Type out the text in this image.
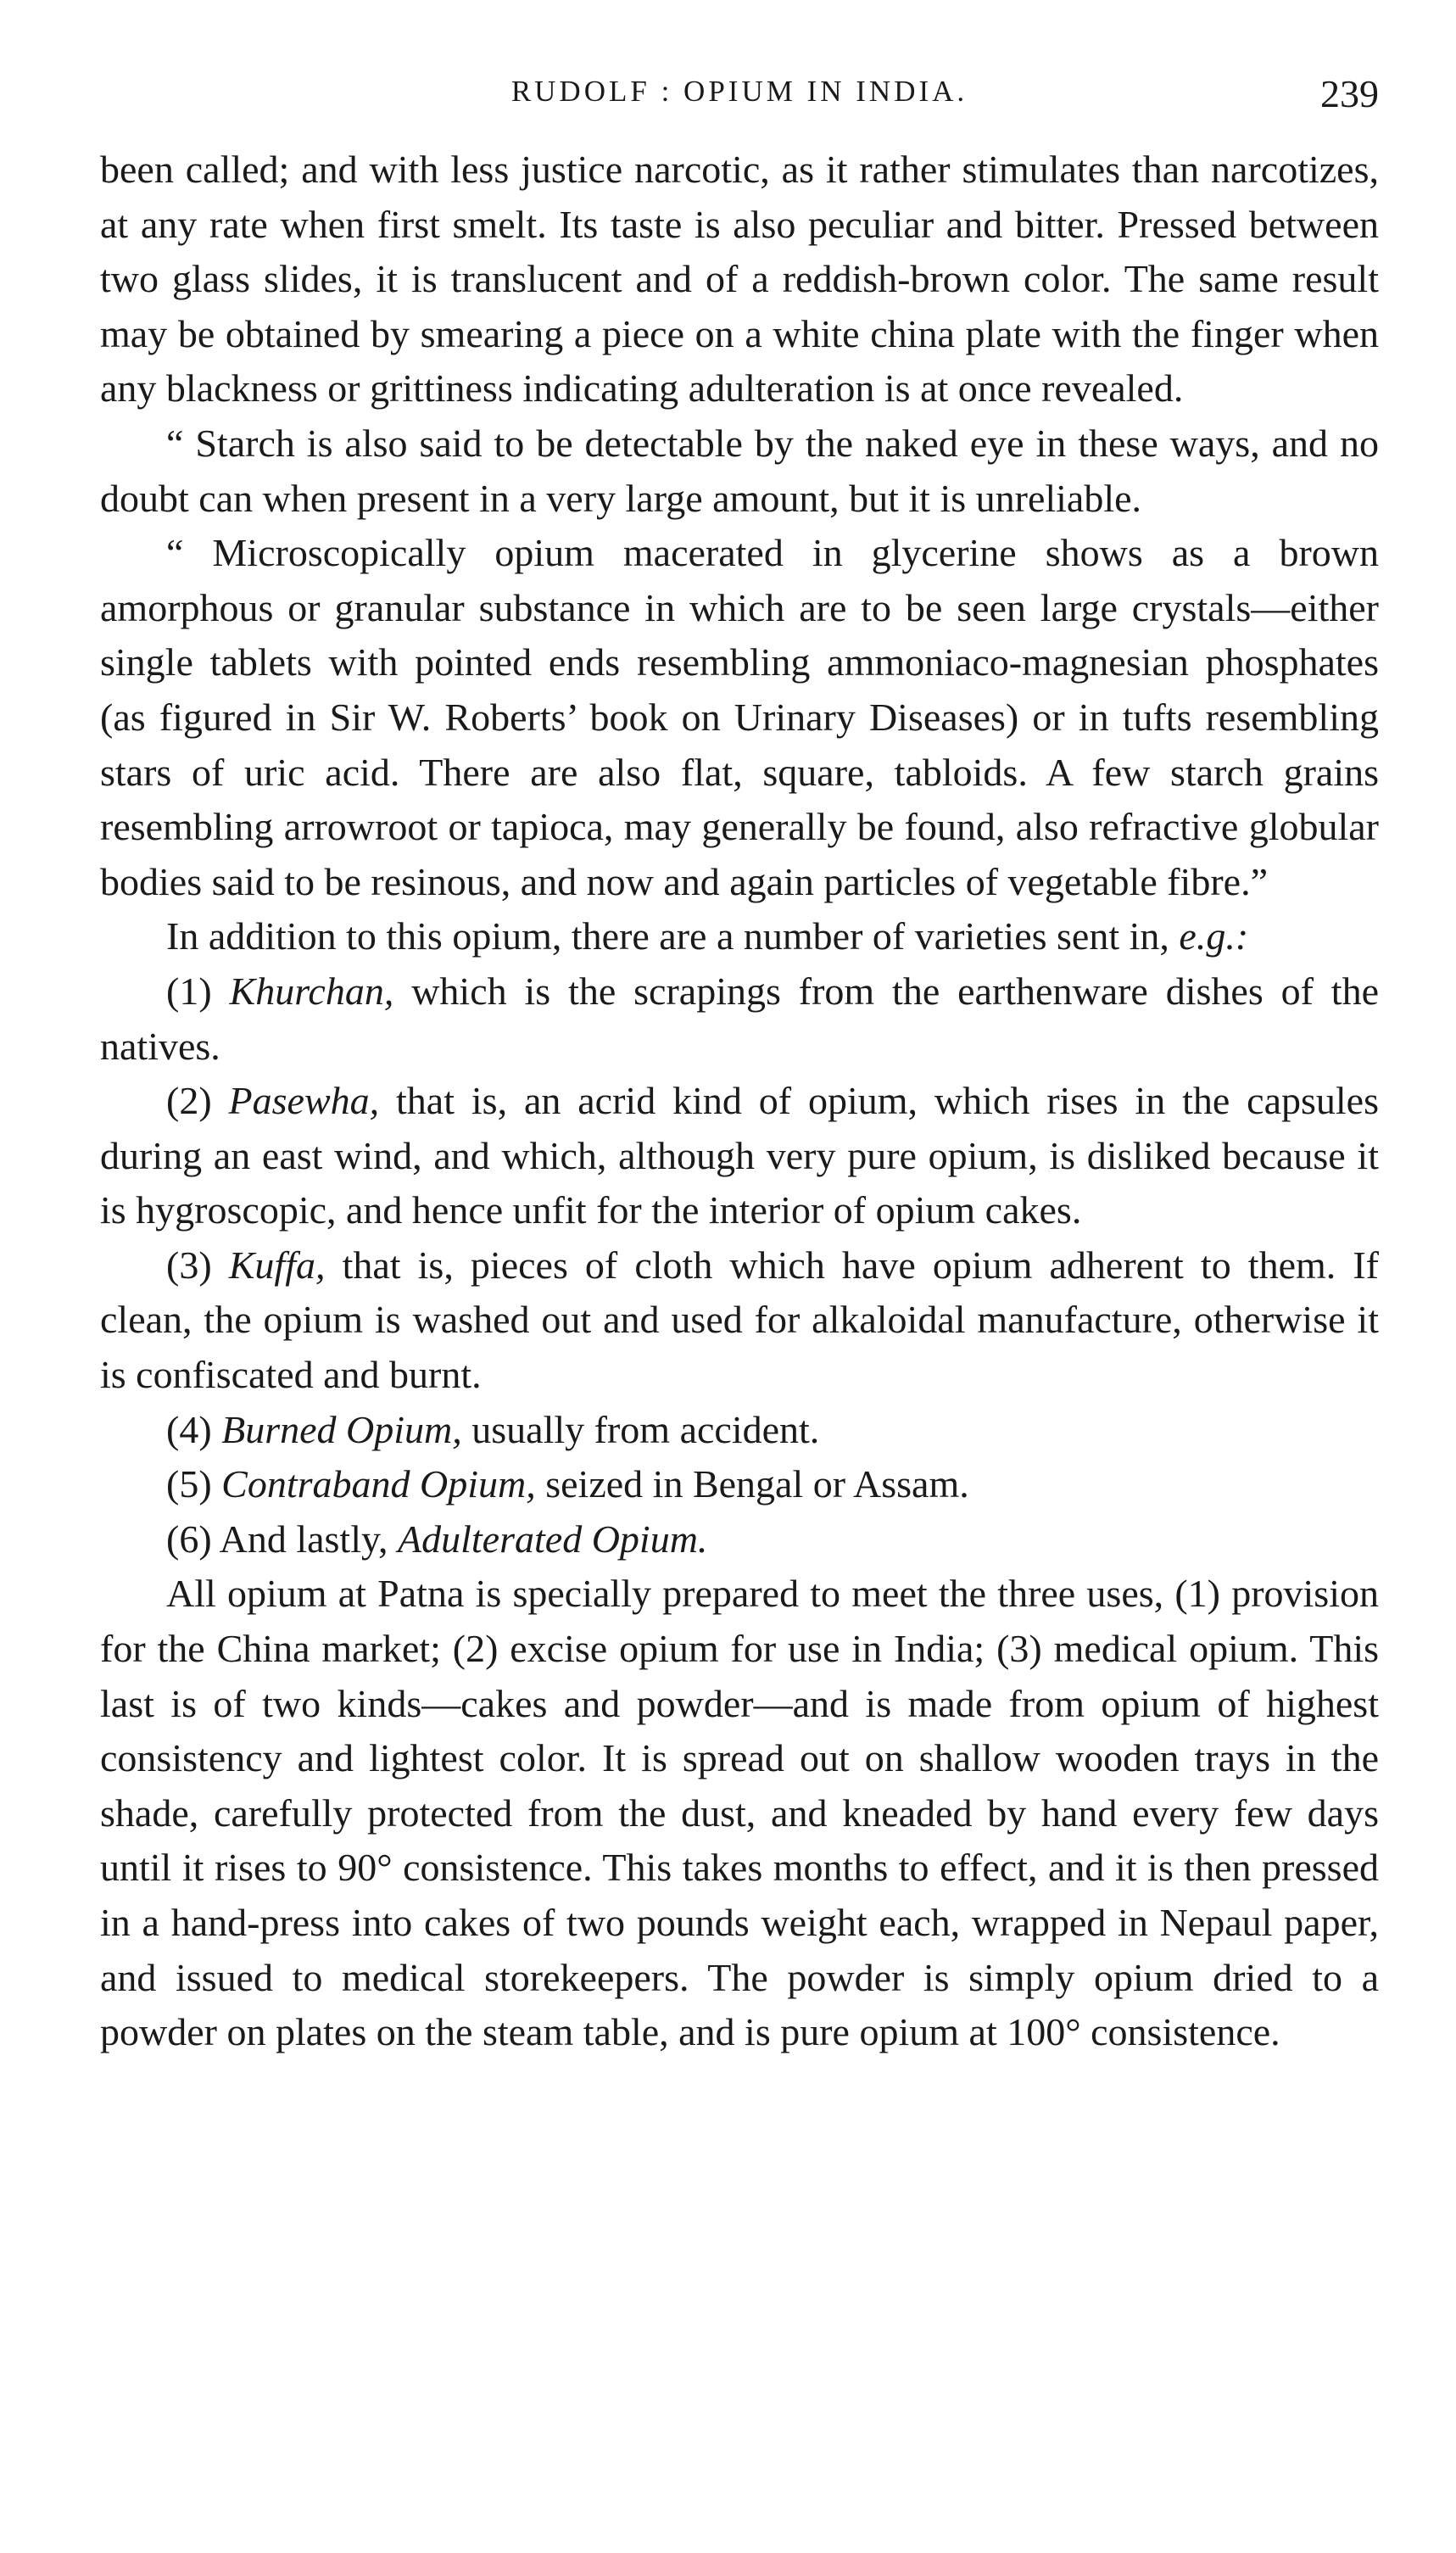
RUDOLF : OPIUM IN INDIA.	239

been called; and with less justice narcotic, as it rather stimulates than narcotizes, at any rate when first smelt. Its taste is also peculiar and bitter. Pressed between two glass slides, it is translucent and of a reddish-brown color. The same result may be obtained by smearing a piece on a white china plate with the finger when any blackness or grittiness indicating adulteration is at once revealed.

“ Starch is also said to be detectable by the naked eye in these ways, and no doubt can when present in a very large amount, but it is unreliable.

“ Microscopically opium macerated in glycerine shows as a brown amorphous or granular substance in which are to be seen large crystals—either single tablets with pointed ends resembling ammoniaco-magnesian phosphates (as figured in Sir W. Roberts’ book on Urinary Diseases) or in tufts resembling stars of uric acid. There are also flat, square, tabloids. A few starch grains resembling arrowroot or tapioca, may generally be found, also refractive globular bodies said to be resinous, and now and again particles of vegetable fibre.”

In addition to this opium, there are a number of varieties sent in, e.g.:

(1) Khurchan, which is the scrapings from the earthenware dishes of the natives.

(2) Pasewha, that is, an acrid kind of opium, which rises in the capsules during an east wind, and which, although very pure opium, is disliked because it is hygroscopic, and hence unfit for the interior of opium cakes.

(3) Kuffa, that is, pieces of cloth which have opium adherent to them. If clean, the opium is washed out and used for alkaloidal manufacture, otherwise it is confiscated and burnt.

(4) Burned Opium, usually from accident.

(5) Contraband Opium, seized in Bengal or Assam.

(6) And lastly, Adulterated Opium.

All opium at Patna is specially prepared to meet the three uses, (1) provision for the China market; (2) excise opium for use in India; (3) medical opium. This last is of two kinds—cakes and powder—and is made from opium of highest consistency and lightest color. It is spread out on shallow wooden trays in the shade, carefully protected from the dust, and kneaded by hand every few days until it rises to 90° consistence. This takes months to effect, and it is then pressed in a hand-press into cakes of two pounds weight each, wrapped in Nepaul paper, and issued to medical storekeepers. The powder is simply opium dried to a powder on plates on the steam table, and is pure opium at 100° consistence.
